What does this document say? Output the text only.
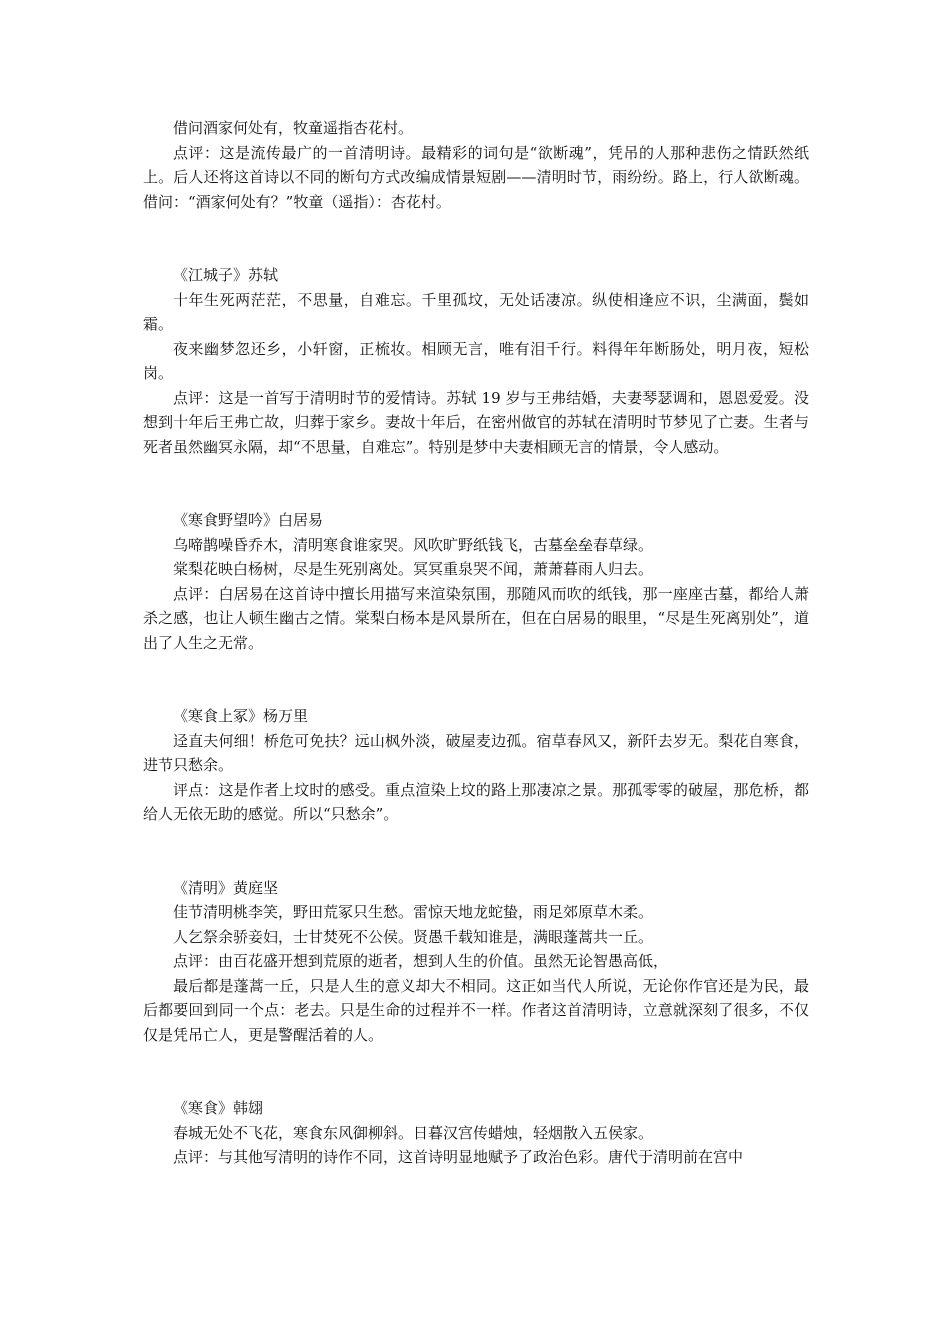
借问酒家何处有，牧童遥指杏花村。

点评：这是流传最广的一首清明诗。最精彩的词句是“欲断魂”，凭吊的人那种悲伤之情跃然纸上。后人还将这首诗以不同的断句方式改编成情景短剧——清明时节，雨纷纷。路上，行人欲断魂。借问：“酒家何处有？”牧童（遥指）：杏花村。

《江城子》苏轼

十年生死两茫茫，不思量，自难忘。千里孤坟，无处话凄凉。纵使相逢应不识，尘满面，鬓如霜。

夜来幽梦忽还乡，小轩窗，正梳妆。相顾无言，唯有泪千行。料得年年断肠处，明月夜，短松岗。

点评：这是一首写于清明时节的爱情诗。苏轼 19 岁与王弗结婚，夫妻琴瑟调和，恩恩爱爱。没想到十年后王弗亡故，归葬于家乡。妻故十年后，在密州做官的苏轼在清明时节梦见了亡妻。生者与死者虽然幽冥永隔，却“不思量，自难忘”。特别是梦中夫妻相顾无言的情景，令人感动。

《寒食野望吟》白居易

乌啼鹊噪昏乔木，清明寒食谁家哭。风吹旷野纸钱飞，古墓垒垒春草绿。

棠梨花映白杨树，尽是生死别离处。冥冥重泉哭不闻，萧萧暮雨人归去。

点评：白居易在这首诗中擅长用描写来渲染氛围，那随风而吹的纸钱，那一座座古墓，都给人萧杀之感，也让人顿生幽古之情。棠梨白杨本是风景所在，但在白居易的眼里，“尽是生死离别处”，道出了人生之无常。

《寒食上冢》杨万里

迳直夫何细！桥危可免扶？远山枫外淡，破屋麦边孤。宿草春风又，新阡去岁无。梨花自寒食，进节只愁余。

评点：这是作者上坟时的感受。重点渲染上坟的路上那凄凉之景。那孤零零的破屋，那危桥，都给人无依无助的感觉。所以“只愁余”。

《清明》黄庭坚

佳节清明桃李笑，野田荒冢只生愁。雷惊天地龙蛇蛰，雨足郊原草木柔。

人乞祭余骄妾妇，士甘焚死不公侯。贤愚千载知谁是，满眼蓬蒿共一丘。

点评：由百花盛开想到荒原的逝者，想到人生的价值。虽然无论智愚高低，

最后都是蓬蒿一丘，只是人生的意义却大不相同。这正如当代人所说，无论你作官还是为民，最后都要回到同一个点：老去。只是生命的过程并不一样。作者这首清明诗，立意就深刻了很多，不仅仅是凭吊亡人，更是警醒活着的人。

《寒食》韩翃

春城无处不飞花，寒食东风御柳斜。日暮汉宫传蜡烛，轻烟散入五侯家。

点评：与其他写清明的诗作不同，这首诗明显地赋予了政治色彩。唐代于清明前在宫中
